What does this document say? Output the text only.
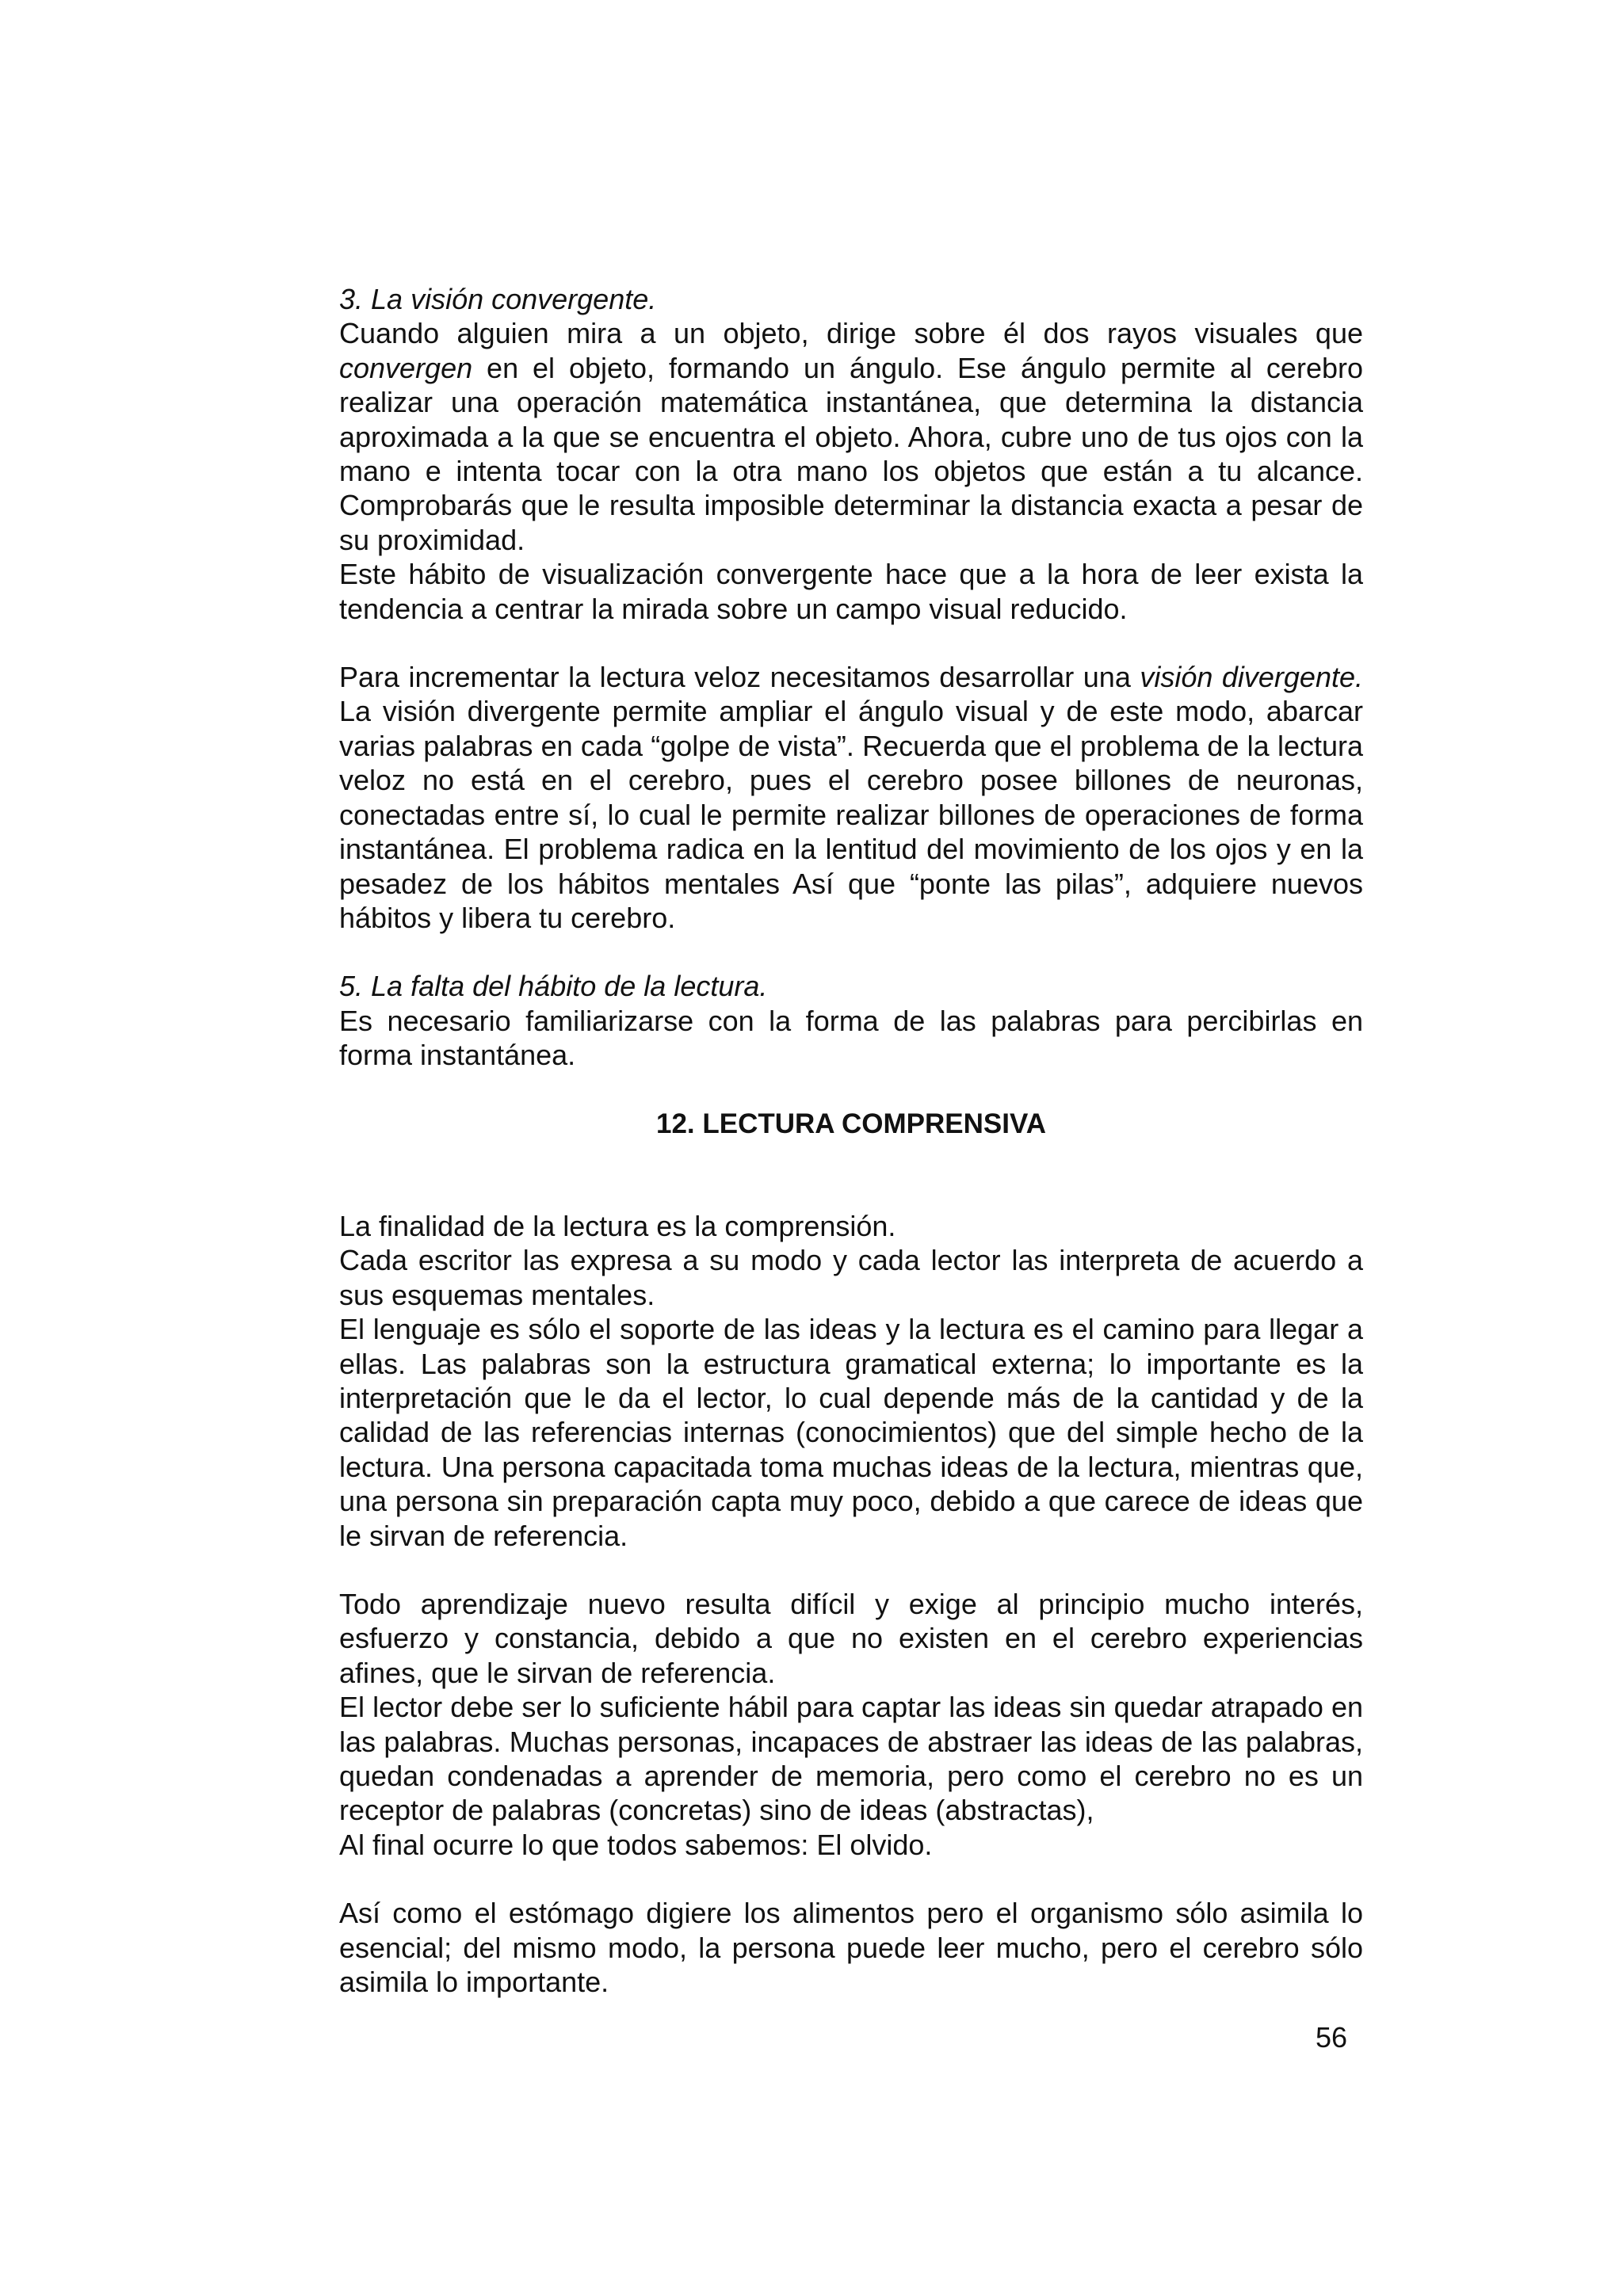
3. La visión convergente.

Cuando alguien mira a un objeto, dirige sobre él dos rayos visuales que convergen en el objeto, formando un ángulo. Ese ángulo permite al cerebro realizar una operación matemática instantánea, que determina la distancia aproximada a la que se encuentra el objeto. Ahora, cubre uno de tus ojos con la mano e intenta tocar con la otra mano los objetos que están a tu alcance. Comprobarás que le resulta imposible determinar la distancia exacta a pesar de su proximidad.

Este hábito de visualización convergente hace que a la hora de leer exista la tendencia a centrar la mirada sobre un campo visual reducido.

Para incrementar la lectura veloz necesitamos desarrollar una visión divergente. La visión divergente permite ampliar el ángulo visual y de este modo, abarcar varias palabras en cada “golpe de vista”. Recuerda que el problema de la lectura veloz no está en el cerebro, pues el cerebro posee billones de neuronas, conectadas entre sí, lo cual le permite realizar billones de operaciones de forma instantánea. El problema radica en la lentitud del movimiento de los ojos y en la pesadez de los hábitos mentales Así que “ponte las pilas”, adquiere nuevos hábitos y libera tu cerebro.

5. La falta del hábito de la lectura.

Es necesario familiarizarse con la forma de las palabras para percibirlas en forma instantánea.

12. LECTURA COMPRENSIVA

La finalidad de la lectura es la comprensión.

Cada escritor las expresa a su modo y cada lector las interpreta de acuerdo a sus esquemas mentales.

El lenguaje es sólo el soporte de las ideas y la lectura es el camino para llegar a ellas. Las palabras son la estructura gramatical externa; lo importante es la interpretación que le da el lector, lo cual depende más de la cantidad y de la calidad de las referencias internas (conocimientos) que del simple hecho de la lectura. Una persona capacitada toma muchas ideas de la lectura, mientras que, una persona sin preparación capta muy poco, debido a que carece de ideas que le sirvan de referencia.

Todo aprendizaje nuevo resulta difícil y exige al principio mucho interés, esfuerzo y constancia, debido a que no existen en el cerebro experiencias afines, que le sirvan de referencia.

El lector debe ser lo suficiente hábil para captar las ideas sin quedar atrapado en las palabras. Muchas personas, incapaces de abstraer las ideas de las palabras, quedan condenadas a aprender de memoria, pero como el cerebro no es un receptor de palabras (concretas) sino de ideas (abstractas),

Al final ocurre lo que todos sabemos: El olvido.

Así como el estómago digiere los alimentos pero el organismo sólo asimila lo esencial; del mismo modo, la persona puede leer mucho, pero el cerebro sólo asimila lo importante.

56
